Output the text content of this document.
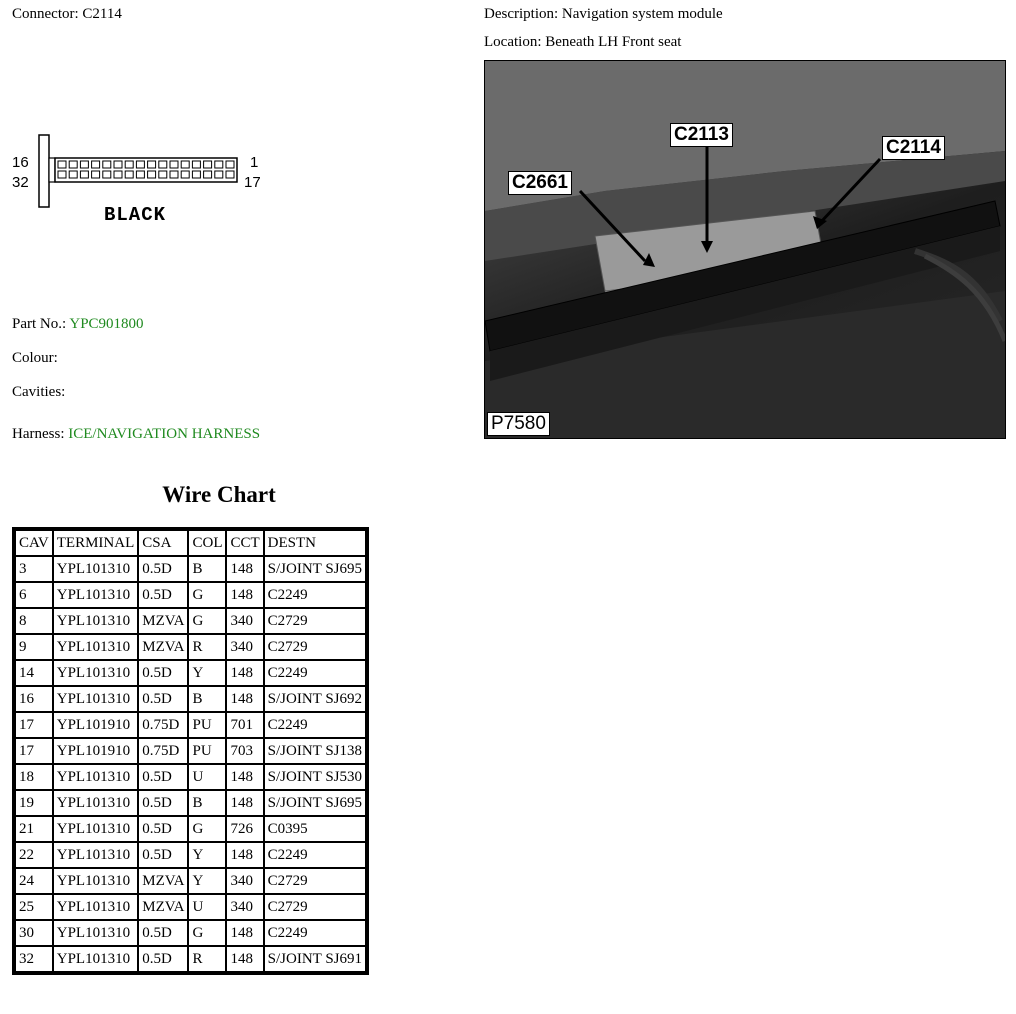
Connector: C2114	Description: Navigation system module
Location: Beneath LH Front seat
16
32
1
17
BLACK
Part No.: YPC901800
Colour:
Cavities:
Harness: ICE/NAVIGATION HARNESS
C2113
C2114
C2661
P7580
Wire Chart
CAV	TERMINAL	CSA	COL	CCT	DESTN
3	YPL101310	0.5D	B	148	S/JOINT SJ695
6	YPL101310	0.5D	G	148	C2249
8	YPL101310	MZVA	G	340	C2729
9	YPL101310	MZVA	R	340	C2729
14	YPL101310	0.5D	Y	148	C2249
16	YPL101310	0.5D	B	148	S/JOINT SJ692
17	YPL101910	0.75D	PU	701	C2249
17	YPL101910	0.75D	PU	703	S/JOINT SJ138
18	YPL101310	0.5D	U	148	S/JOINT SJ530
19	YPL101310	0.5D	B	148	S/JOINT SJ695
21	YPL101310	0.5D	G	726	C0395
22	YPL101310	0.5D	Y	148	C2249
24	YPL101310	MZVA	Y	340	C2729
25	YPL101310	MZVA	U	340	C2729
30	YPL101310	0.5D	G	148	C2249
32	YPL101310	0.5D	R	148	S/JOINT SJ691
